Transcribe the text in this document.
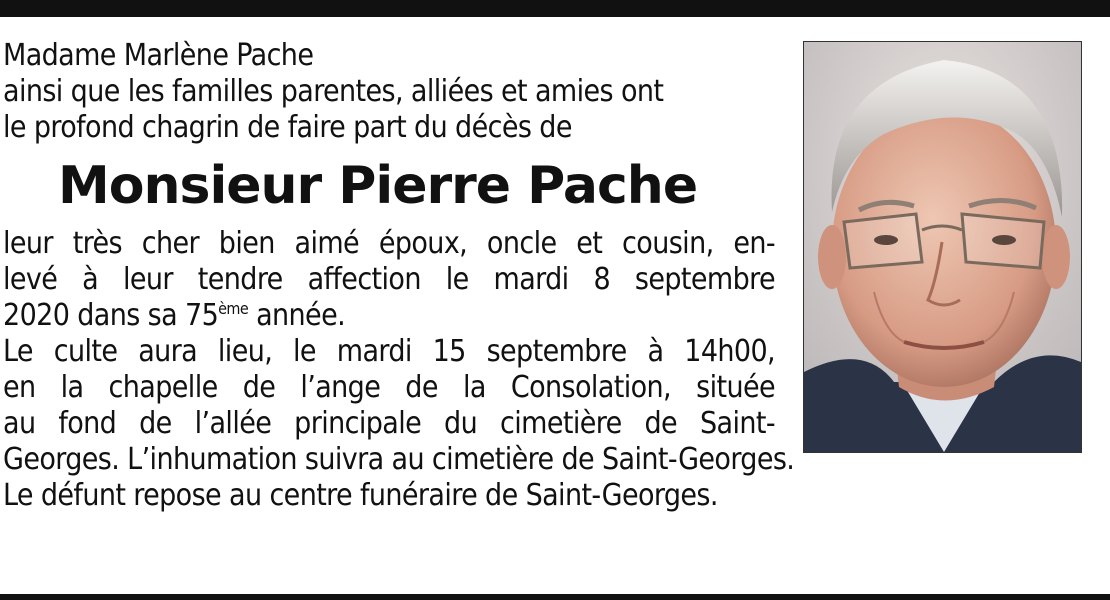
Madame Marlène Pache
ainsi que les familles parentes, alliées et amies ont
le profond chagrin de faire part du décès de
Monsieur Pierre Pache
leur très cher bien aimé époux, oncle et cousin, en-
levé à leur tendre affection le mardi 8 septembre
2020 dans sa 75ème année.
Le culte aura lieu, le mardi 15 septembre à 14h00,
en la chapelle de l’ange de la Consolation, située
au fond de l’allée principale du cimetière de Saint-
Georges. L’inhumation suivra au cimetière de Saint-Georges.
Le défunt repose au centre funéraire de Saint-Georges.
